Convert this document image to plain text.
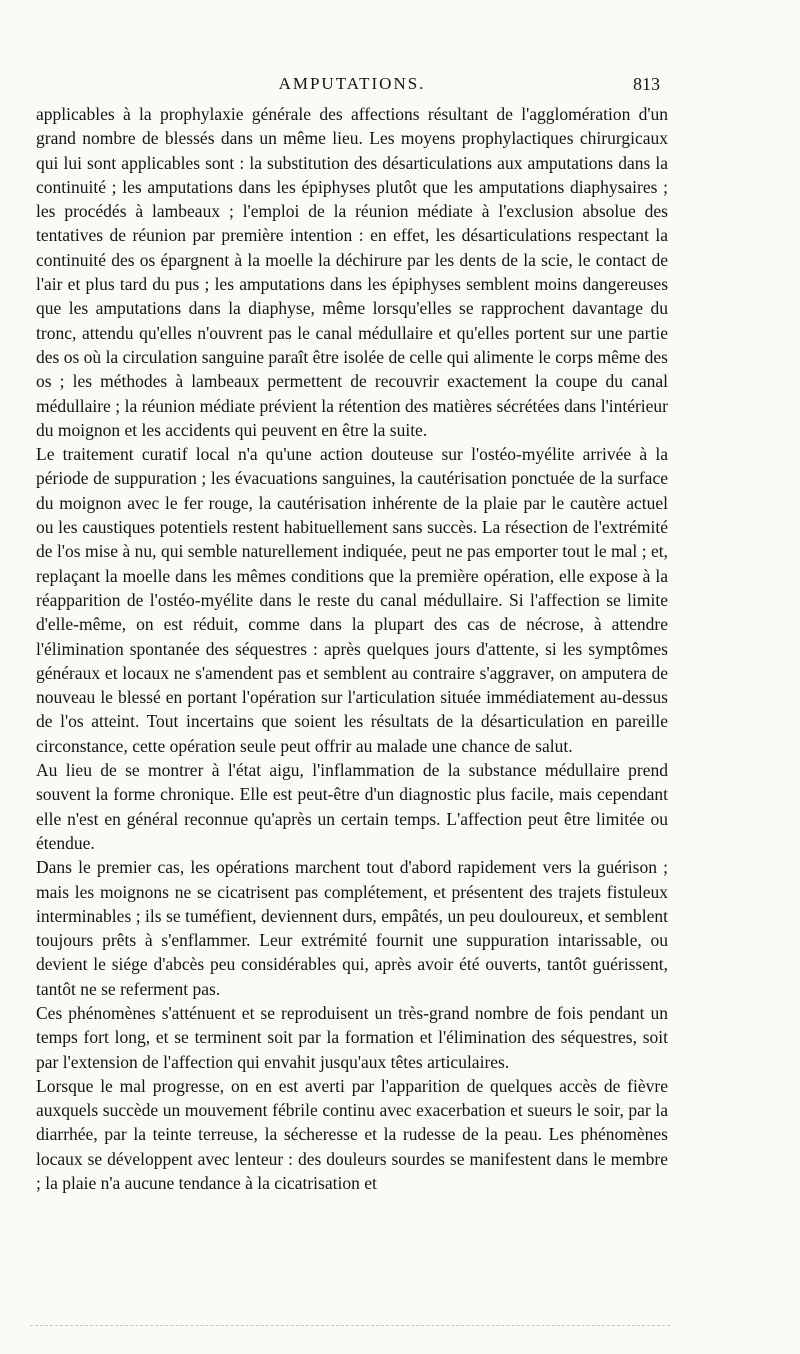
AMPUTATIONS.	813

applicables à la prophylaxie générale des affections résultant de l'agglomération d'un grand nombre de blessés dans un même lieu. Les moyens prophylactiques chirurgicaux qui lui sont applicables sont : la substitution des désarticulations aux amputations dans la continuité ; les amputations dans les épiphyses plutôt que les amputations diaphysaires ; les procédés à lambeaux ; l'emploi de la réunion médiate à l'exclusion absolue des tentatives de réunion par première intention : en effet, les désarticulations respectant la continuité des os épargnent à la moelle la déchirure par les dents de la scie, le contact de l'air et plus tard du pus ; les amputations dans les épiphyses semblent moins dangereuses que les amputations dans la diaphyse, même lorsqu'elles se rapprochent davantage du tronc, attendu qu'elles n'ouvrent pas le canal médullaire et qu'elles portent sur une partie des os où la circulation sanguine paraît être isolée de celle qui alimente le corps même des os ; les méthodes à lambeaux permettent de recouvrir exactement la coupe du canal médullaire ; la réunion médiate prévient la rétention des matières sécrétées dans l'intérieur du moignon et les accidents qui peuvent en être la suite.

Le traitement curatif local n'a qu'une action douteuse sur l'ostéo-myélite arrivée à la période de suppuration ; les évacuations sanguines, la cautérisation ponctuée de la surface du moignon avec le fer rouge, la cautérisation inhérente de la plaie par le cautère actuel ou les caustiques potentiels restent habituellement sans succès. La résection de l'extrémité de l'os mise à nu, qui semble naturellement indiquée, peut ne pas emporter tout le mal ; et, replaçant la moelle dans les mêmes conditions que la première opération, elle expose à la réapparition de l'ostéo-myélite dans le reste du canal médullaire. Si l'affection se limite d'elle-même, on est réduit, comme dans la plupart des cas de nécrose, à attendre l'élimination spontanée des séquestres : après quelques jours d'attente, si les symptômes généraux et locaux ne s'amendent pas et semblent au contraire s'aggraver, on amputera de nouveau le blessé en portant l'opération sur l'articulation située immédiatement au-dessus de l'os atteint. Tout incertains que soient les résultats de la désarticulation en pareille circonstance, cette opération seule peut offrir au malade une chance de salut.

Au lieu de se montrer à l'état aigu, l'inflammation de la substance médullaire prend souvent la forme chronique. Elle est peut-être d'un diagnostic plus facile, mais cependant elle n'est en général reconnue qu'après un certain temps. L'affection peut être limitée ou étendue.

Dans le premier cas, les opérations marchent tout d'abord rapidement vers la guérison ; mais les moignons ne se cicatrisent pas complétement, et présentent des trajets fistuleux interminables ; ils se tuméfient, deviennent durs, empâtés, un peu douloureux, et semblent toujours prêts à s'enflammer. Leur extrémité fournit une suppuration intarissable, ou devient le siége d'abcès peu considérables qui, après avoir été ouverts, tantôt guérissent, tantôt ne se referment pas.

Ces phénomènes s'atténuent et se reproduisent un très-grand nombre de fois pendant un temps fort long, et se terminent soit par la formation et l'élimination des séquestres, soit par l'extension de l'affection qui envahit jusqu'aux têtes articulaires.

Lorsque le mal progresse, on en est averti par l'apparition de quelques accès de fièvre auxquels succède un mouvement fébrile continu avec exacerbation et sueurs le soir, par la diarrhée, par la teinte terreuse, la sécheresse et la rudesse de la peau. Les phénomènes locaux se développent avec lenteur : des douleurs sourdes se manifestent dans le membre ; la plaie n'a aucune tendance à la cicatrisation et
